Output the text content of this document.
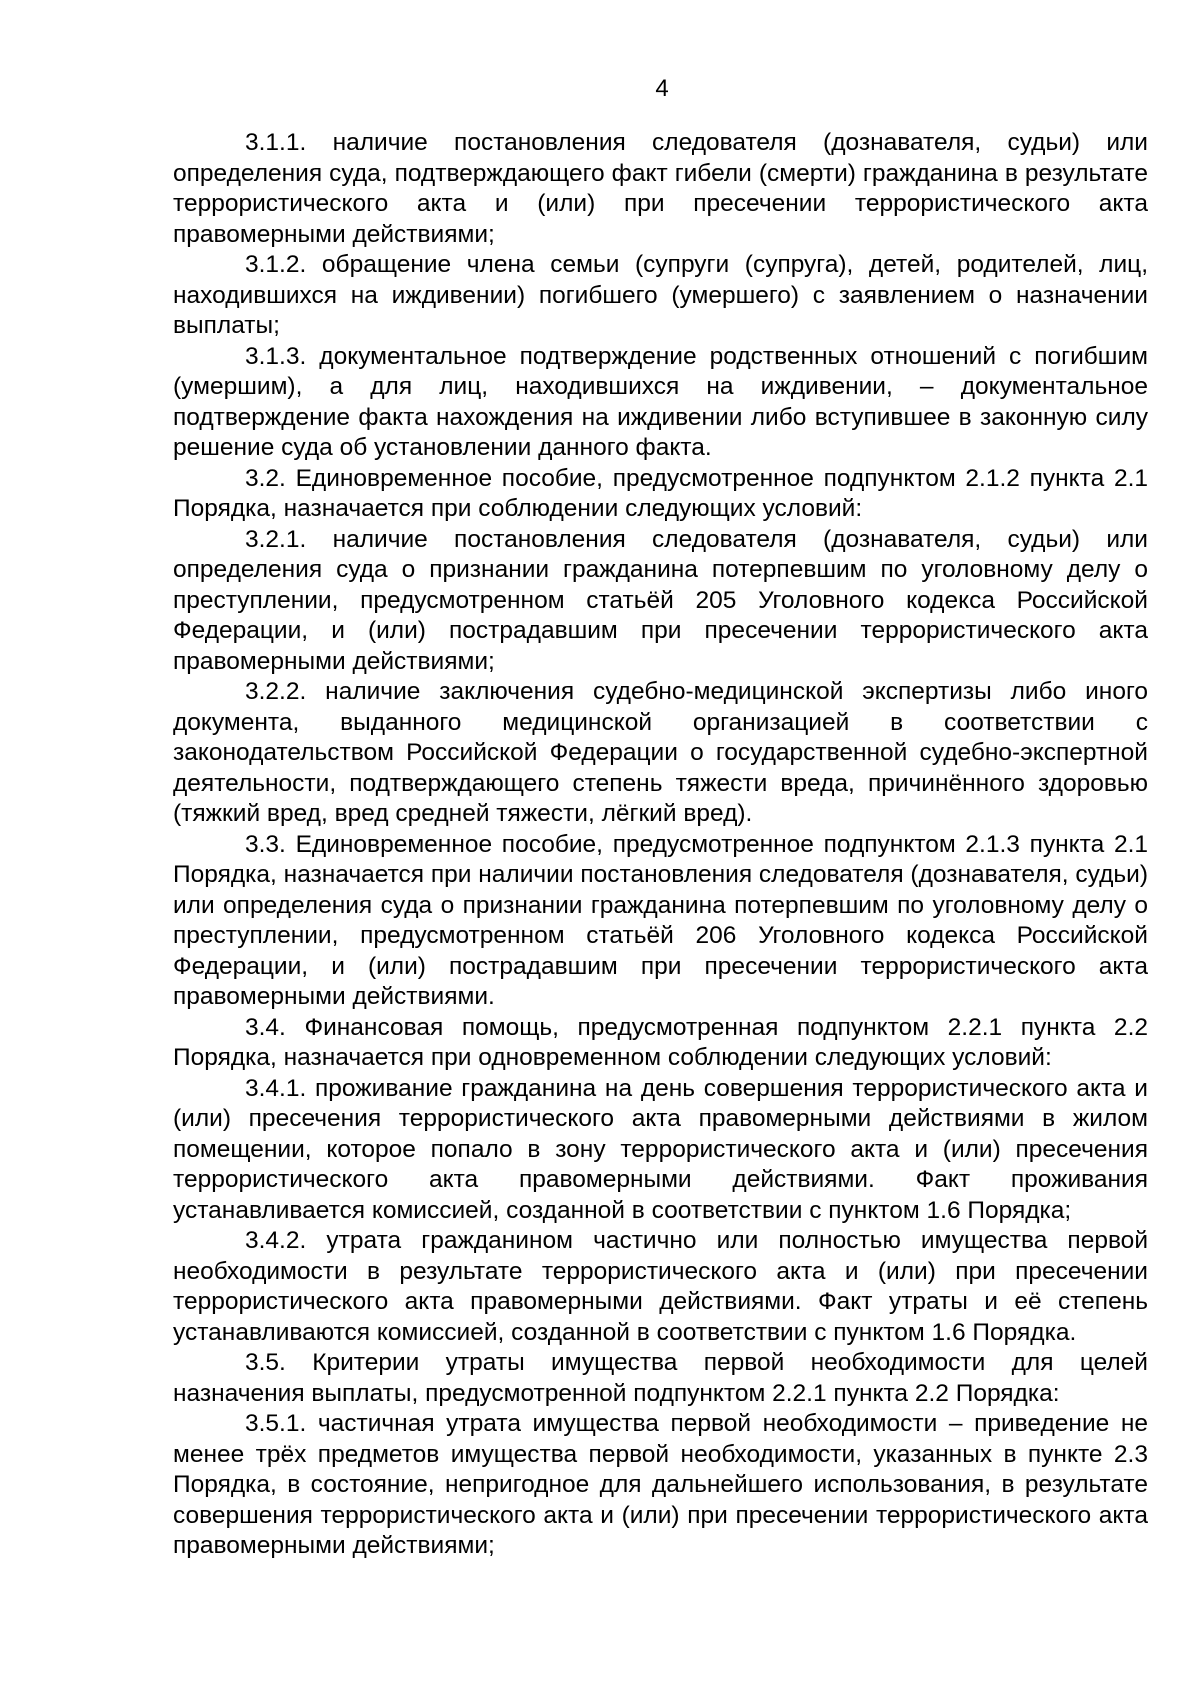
4

3.1.1. наличие постановления следователя (дознавателя, судьи) или определения суда, подтверждающего факт гибели (смерти) гражданина в результате террористического акта и (или) при пресечении террористического акта правомерными действиями;

3.1.2. обращение члена семьи (супруги (супруга), детей, родителей, лиц, находившихся на иждивении) погибшего (умершего) с заявлением о назначении выплаты;

3.1.3. документальное подтверждение родственных отношений с погибшим (умершим), а для лиц, находившихся на иждивении, – документальное подтверждение факта нахождения на иждивении либо вступившее в законную силу решение суда об установлении данного факта.

3.2. Единовременное пособие, предусмотренное подпунктом 2.1.2 пункта 2.1 Порядка, назначается при соблюдении следующих условий:

3.2.1. наличие постановления следователя (дознавателя, судьи) или определения суда о признании гражданина потерпевшим по уголовному делу о преступлении, предусмотренном статьёй 205 Уголовного кодекса Российской Федерации, и (или) пострадавшим при пресечении террористического акта правомерными действиями;

3.2.2. наличие заключения судебно-медицинской экспертизы либо иного документа, выданного медицинской организацией в соответствии с законодательством Российской Федерации о государственной судебно-экспертной деятельности, подтверждающего степень тяжести вреда, причинённого здоровью (тяжкий вред, вред средней тяжести, лёгкий вред).

3.3. Единовременное пособие, предусмотренное подпунктом 2.1.3 пункта 2.1 Порядка, назначается при наличии постановления следователя (дознавателя, судьи) или определения суда о признании гражданина потерпевшим по уголовному делу о преступлении, предусмотренном статьёй 206 Уголовного кодекса Российской Федерации, и (или) пострадавшим при пресечении террористического акта правомерными действиями.

3.4. Финансовая помощь, предусмотренная подпунктом 2.2.1 пункта 2.2 Порядка, назначается при одновременном соблюдении следующих условий:

3.4.1. проживание гражданина на день совершения террористического акта и (или) пресечения террористического акта правомерными действиями в жилом помещении, которое попало в зону террористического акта и (или) пресечения террористического акта правомерными действиями. Факт проживания устанавливается комиссией, созданной в соответствии с пунктом 1.6 Порядка;

3.4.2. утрата гражданином частично или полностью имущества первой необходимости в результате террористического акта и (или) при пресечении террористического акта правомерными действиями. Факт утраты и её степень устанавливаются комиссией, созданной в соответствии с пунктом 1.6 Порядка.

3.5. Критерии утраты имущества первой необходимости для целей назначения выплаты, предусмотренной подпунктом 2.2.1 пункта 2.2 Порядка:

3.5.1. частичная утрата имущества первой необходимости – приведение не менее трёх предметов имущества первой необходимости, указанных в пункте 2.3 Порядка, в состояние, непригодное для дальнейшего использования, в результате совершения террористического акта и (или) при пресечении террористического акта правомерными действиями;
